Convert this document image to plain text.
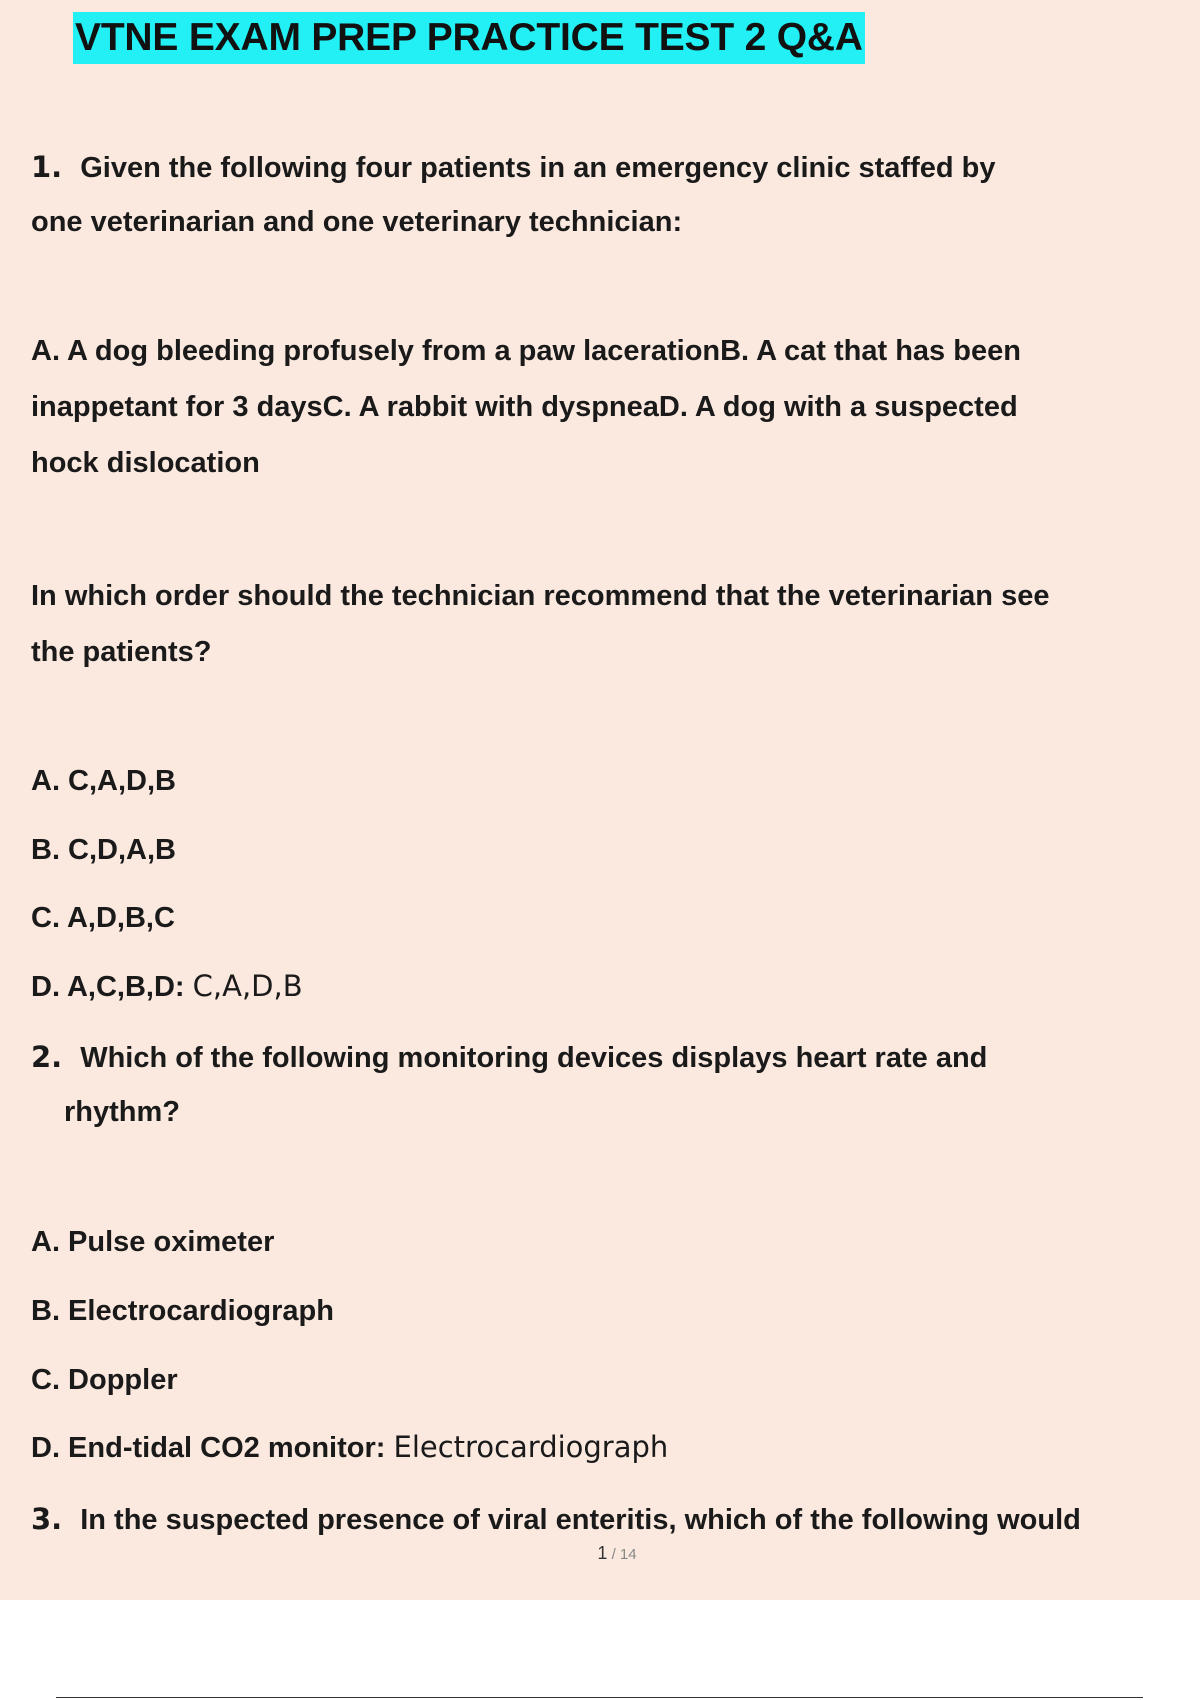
VTNE EXAM PREP PRACTICE TEST 2 Q&A
1. Given the following four patients in an emergency clinic staffed by
one veterinarian and one veterinary technician:
A. A dog bleeding profusely from a paw lacerationB. A cat that has been
inappetant for 3 daysC. A rabbit with dyspneaD. A dog with a suspected
hock dislocation
In which order should the technician recommend that the veterinarian see
the patients?
A. C,A,D,B
B. C,D,A,B
C. A,D,B,C
D. A,C,B,D: C,A,D,B
2. Which of the following monitoring devices displays heart rate and
rhythm?
A. Pulse oximeter
B. Electrocardiograph
C. Doppler
D. End-tidal CO2 monitor: Electrocardiograph
3. In the suspected presence of viral enteritis, which of the following would
1 / 14
